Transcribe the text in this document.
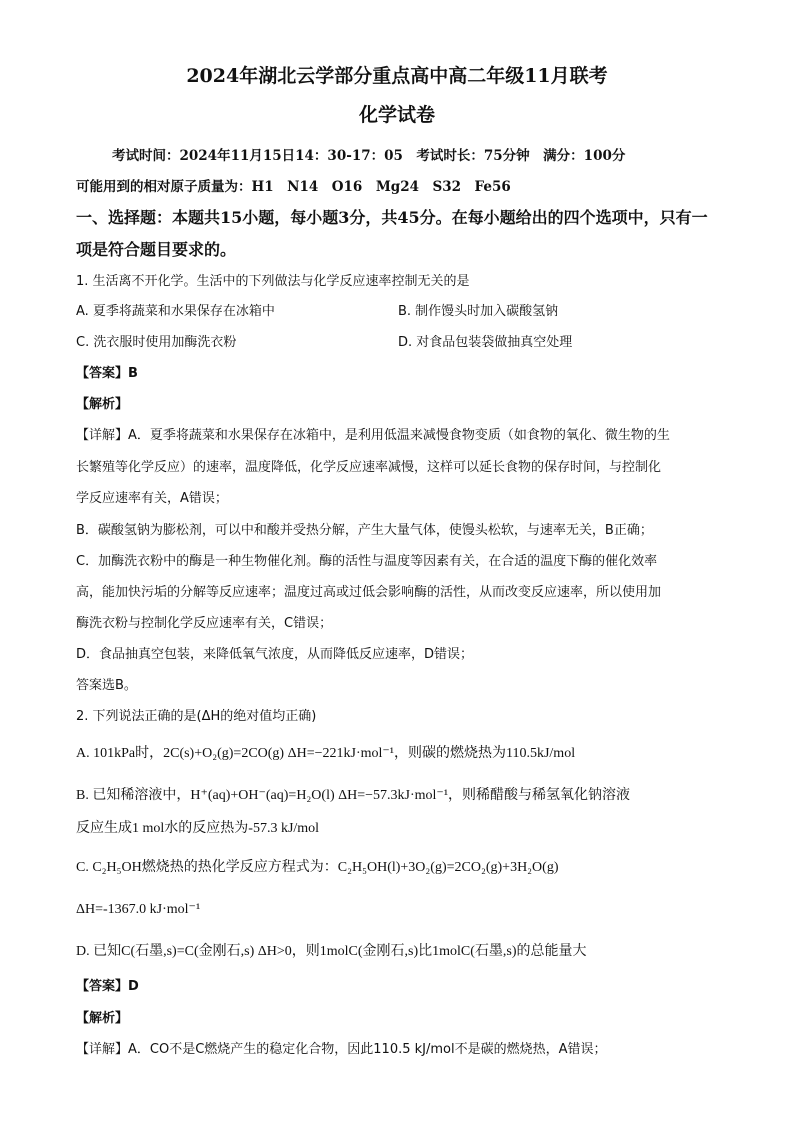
2024年湖北云学部分重点高中高二年级11月联考
化学试卷
考试时间：2024年11月15日14：30-17：05　考试时长：75分钟　满分：100分
可能用到的相对原子质量为：H1　N14　O16　Mg24　S32　Fe56
一、选择题：本题共15小题，每小题3分，共45分。在每小题给出的四个选项中，只有一
项是符合题目要求的。
1. 生活离不开化学。生活中的下列做法与化学反应速率控制无关的是
A. 夏季将蔬菜和水果保存在冰箱中	B. 制作馒头时加入碳酸氢钠
C. 洗衣服时使用加酶洗衣粉	D. 对食品包装袋做抽真空处理
【答案】B
【解析】
【详解】A．夏季将蔬菜和水果保存在冰箱中，是利用低温来减慢食物变质（如食物的氧化、微生物的生
长繁殖等化学反应）的速率，温度降低，化学反应速率减慢，这样可以延长食物的保存时间，与控制化
学反应速率有关，A错误；
B．碳酸氢钠为膨松剂，可以中和酸并受热分解，产生大量气体，使馒头松软，与速率无关，B正确；
C．加酶洗衣粉中的酶是一种生物催化剂。酶的活性与温度等因素有关，在合适的温度下酶的催化效率
高，能加快污垢的分解等反应速率；温度过高或过低会影响酶的活性，从而改变反应速率，所以使用加
酶洗衣粉与控制化学反应速率有关，C错误；
D．食品抽真空包装，来降低氧气浓度，从而降低反应速率，D错误；
答案选B。
2. 下列说法正确的是(ΔH的绝对值均正确)
A. 101kPa时，2C(s)+O₂(g)=2CO(g) ΔH=−221kJ·mol⁻¹，则碳的燃烧热为110.5kJ/mol
B. 已知稀溶液中，H⁺(aq)+OH⁻(aq)=H₂O(l) ΔH=−57.3kJ·mol⁻¹，则稀醋酸与稀氢氧化钠溶液
反应生成1 mol水的反应热为-57.3 kJ/mol
C. C₂H₅OH燃烧热的热化学反应方程式为：C₂H₅OH(l)+3O₂(g)=2CO₂(g)+3H₂O(g)
ΔH=-1367.0 kJ·mol⁻¹
D. 已知C(石墨,s)=C(金刚石,s) ΔH>0，则1molC(金刚石,s)比1molC(石墨,s)的总能量大
【答案】D
【解析】
【详解】A．CO不是C燃烧产生的稳定化合物，因此110.5 kJ/mol不是碳的燃烧热，A错误；
